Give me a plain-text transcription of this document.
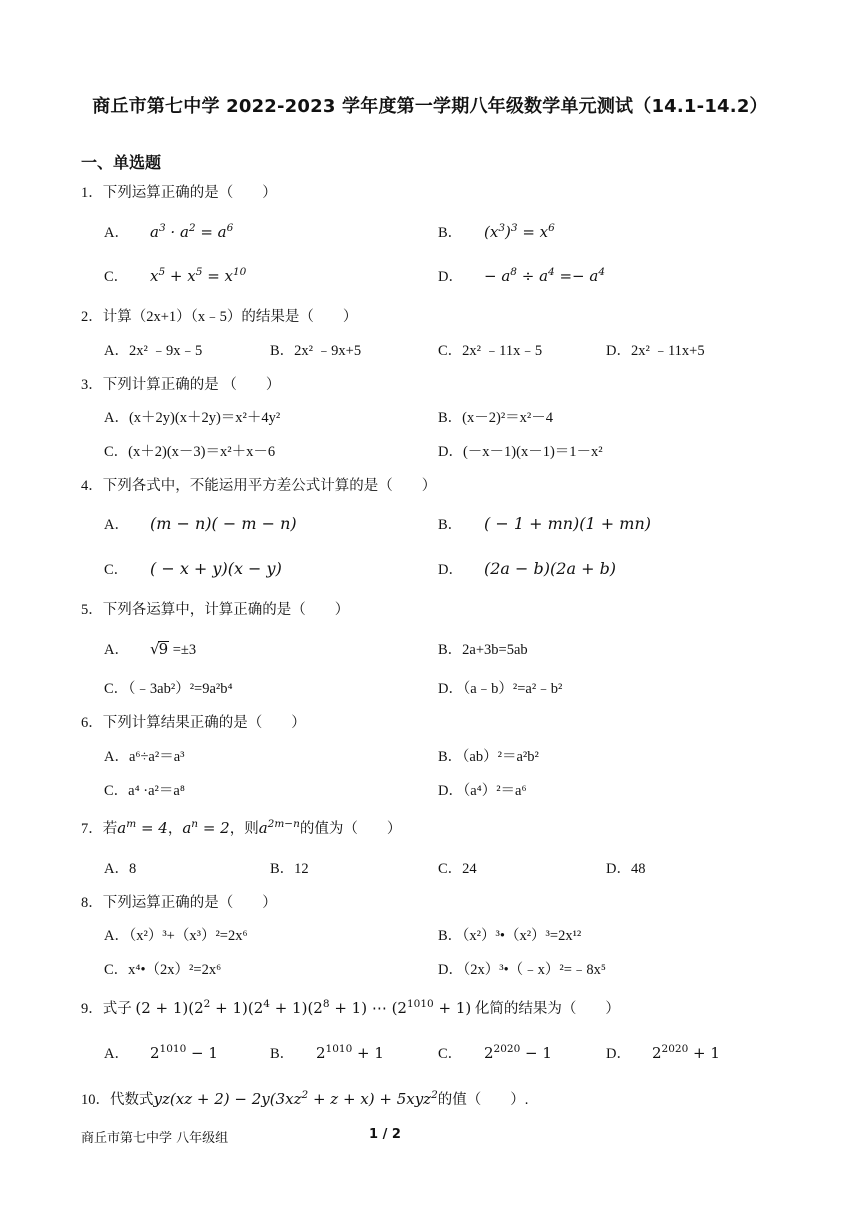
商丘市第七中学 2022-2023 学年度第一学期八年级数学单元测试（14.1-14.2）
一、单选题
1．下列运算正确的是（　　）
A． $a^3 \cdot a^2 = a^6$	B． $(x^3)^3 = x^6$
C． $x^5 + x^5 = x^{10}$	D． − $a^8 \div a^4 =- a^4$
2．计算（2x+1）（x﹣5）的结果是（　　）
A．2x² ﹣9x﹣5	B．2x² ﹣9x+5	C．2x² ﹣11x﹣5	D．2x² ﹣11x+5
3．下列计算正确的是 （　　）
A．(x＋2y)(x＋2y)＝x²＋4y²	B．(x－2)²＝x²－4
C．(x＋2)(x－3)＝x²＋x－6	D．(－x－1)(x－1)＝1－x²
4．下列各式中，不能运用平方差公式计算的是（　　）
A． (m − n)( − m − n)	B． ( − 1 + mn)(1 + mn)
C． ( − x + y)(x − y)	D． (2a − b)(2a + b)
5．下列各运算中，计算正确的是（　　）
A． √9 =±3	B．2a+3b=5ab
C．（﹣3ab²）²=9a²b⁴	D．（a﹣b）²=a²﹣b²
6．下列计算结果正确的是（　　）
A．a⁶÷a²＝a³	B．（ab）²＝a²b²
C．a⁴ ·a²＝a⁸	D．（a⁴）²＝a⁶
7．若$a^m = 4$，$a^n = 2$，则$a^{2m-n}$的值为（　　）
A．8	B．12	C．24	D．48
8．下列运算正确的是（　　）
A．（x²）³+（x³）²=2x⁶	B．（x²）³•（x²）³=2x¹²
C．x⁴•（2x）²=2x⁶	D．（2x）³•（﹣x）²=﹣8x⁵
9．式子 $(2 + 1)(2^2 + 1)(2^4 + 1)(2^8 + 1)$ ⋯ $(2^{1010} + 1)$ 化简的结果为（　　）
A． $2^{1010} - 1$	B． $2^{1010} + 1$	C． $2^{2020} - 1$	D． $2^{2020} + 1$
10．代数式$yz(xz + 2) - 2y(3xz^2 + z + x) + 5xyz^2$的值（　　）.
商丘市第七中学 八年级组	1 / 2
